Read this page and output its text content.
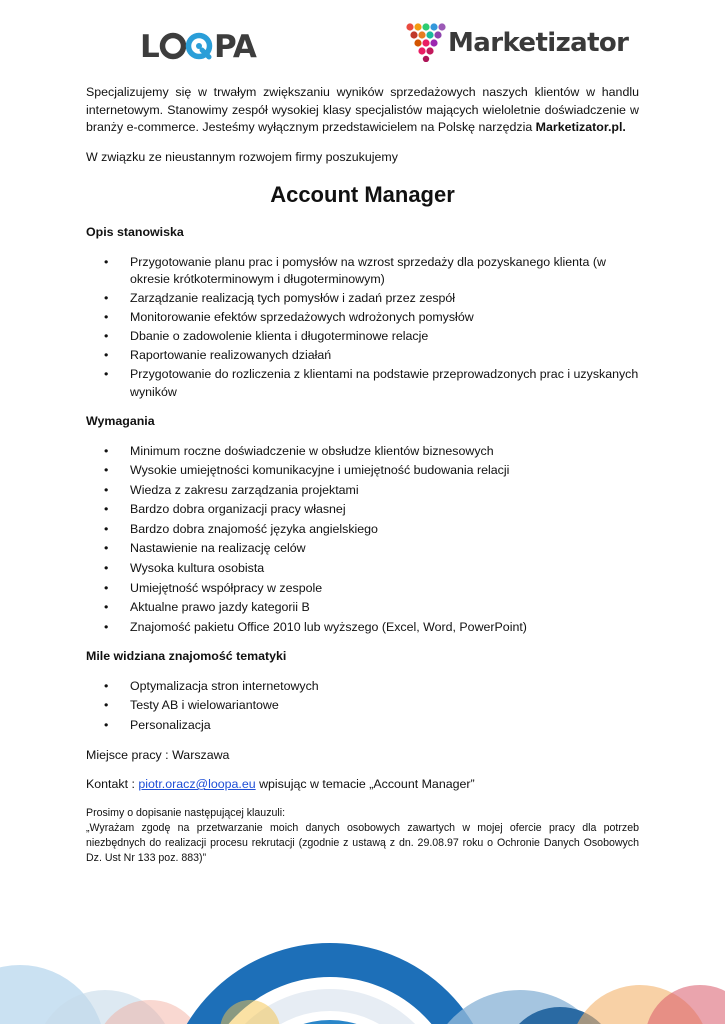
L PA	Marketizator

Specjalizujemy się w trwałym zwiększaniu wyników sprzedażowych naszych klientów w handlu internetowym. Stanowimy zespół wysokiej klasy specjalistów mających wieloletnie doświadczenie w branży e-commerce. Jesteśmy wyłącznym przedstawicielem na Polskę narzędzia Marketizator.pl.

W związku ze nieustannym rozwojem firmy poszukujemy

Account Manager
Opis stanowiska
• Przygotowanie planu prac i pomysłów na wzrost sprzedaży dla pozyskanego klienta (w okresie krótkoterminowym i długoterminowym)
• Zarządzanie realizacją tych pomysłów i zadań przez zespół
• Monitorowanie efektów sprzedażowych wdrożonych pomysłów
• Dbanie o zadowolenie klienta i długoterminowe relacje
• Raportowanie realizowanych działań
• Przygotowanie do rozliczenia z klientami na podstawie przeprowadzonych prac i uzyskanych wyników
Wymagania
• Minimum roczne doświadczenie w obsłudze klientów biznesowych
• Wysokie umiejętności komunikacyjne i umiejętność budowania relacji
• Wiedza z zakresu zarządzania projektami
• Bardzo dobra organizacji pracy własnej
• Bardzo dobra znajomość języka angielskiego
• Nastawienie na realizację celów
• Wysoka kultura osobista
• Umiejętność współpracy w zespole
• Aktualne prawo jazdy kategorii B
• Znajomość pakietu Office 2010 lub wyższego (Excel, Word, PowerPoint)
Mile widziana znajomość tematyki
• Optymalizacja stron internetowych
• Testy AB i wielowariantowe
• Personalizacja

Miejsce pracy : Warszawa

Kontakt : piotr.oracz@loopa.eu wpisując w temacie „Account Manager”

Prosimy o dopisanie następującej klauzuli:

„Wyrażam zgodę na przetwarzanie moich danych osobowych zawartych w mojej ofercie pracy dla potrzeb niezbędnych do realizacji procesu rekrutacji (zgodnie z ustawą z dn. 29.08.97 roku o Ochronie Danych Osobowych Dz. Ust Nr 133 poz. 883)”
